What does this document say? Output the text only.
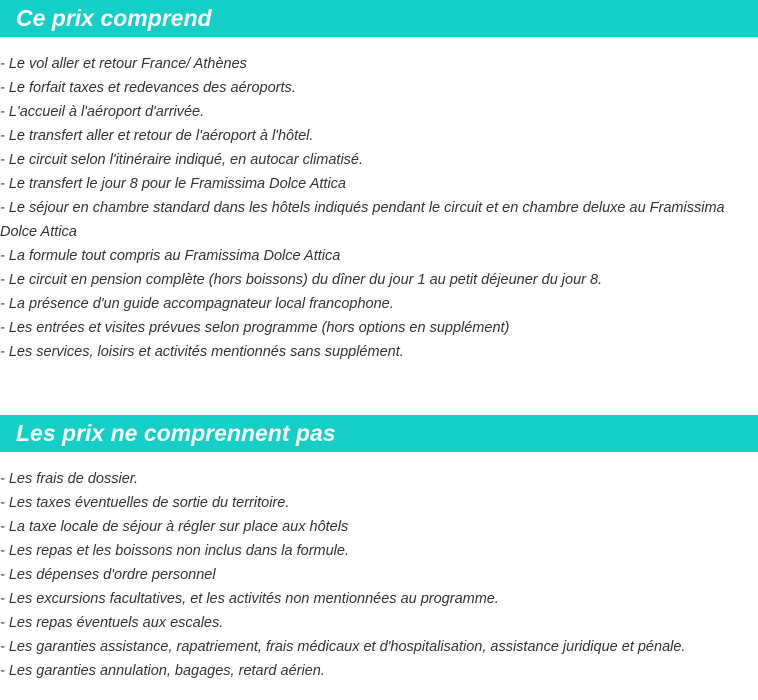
Ce prix comprend
- Le vol aller et retour France/ Athènes
- Le forfait taxes et redevances des aéroports.
- L'accueil à l'aéroport d'arrivée.
- Le transfert aller et retour de l'aéroport à l'hôtel.
- Le circuit selon l'itinéraire indiqué, en autocar climatisé.
- Le transfert le jour 8 pour le Framissima Dolce Attica
- Le séjour en chambre standard dans les hôtels indiqués pendant le circuit et en chambre deluxe au Framissima Dolce Attica
- La formule tout compris au Framissima Dolce Attica
- Le circuit en pension complète (hors boissons) du dîner du jour 1 au petit déjeuner du jour 8.
- La présence d'un guide accompagnateur local francophone.
- Les entrées et visites prévues selon programme (hors options en supplément)
- Les services, loisirs et activités mentionnés sans supplément.
Les prix ne comprennent pas
- Les frais de dossier.
- Les taxes éventuelles de sortie du territoire.
- La taxe locale de séjour à régler sur place aux hôtels
- Les repas et les boissons non inclus dans la formule.
- Les dépenses d'ordre personnel
- Les excursions facultatives, et les activités non mentionnées au programme.
- Les repas éventuels aux escales.
- Les garanties assistance, rapatriement, frais médicaux et d'hospitalisation, assistance juridique et pénale.
- Les garanties annulation, bagages, retard aérien.
